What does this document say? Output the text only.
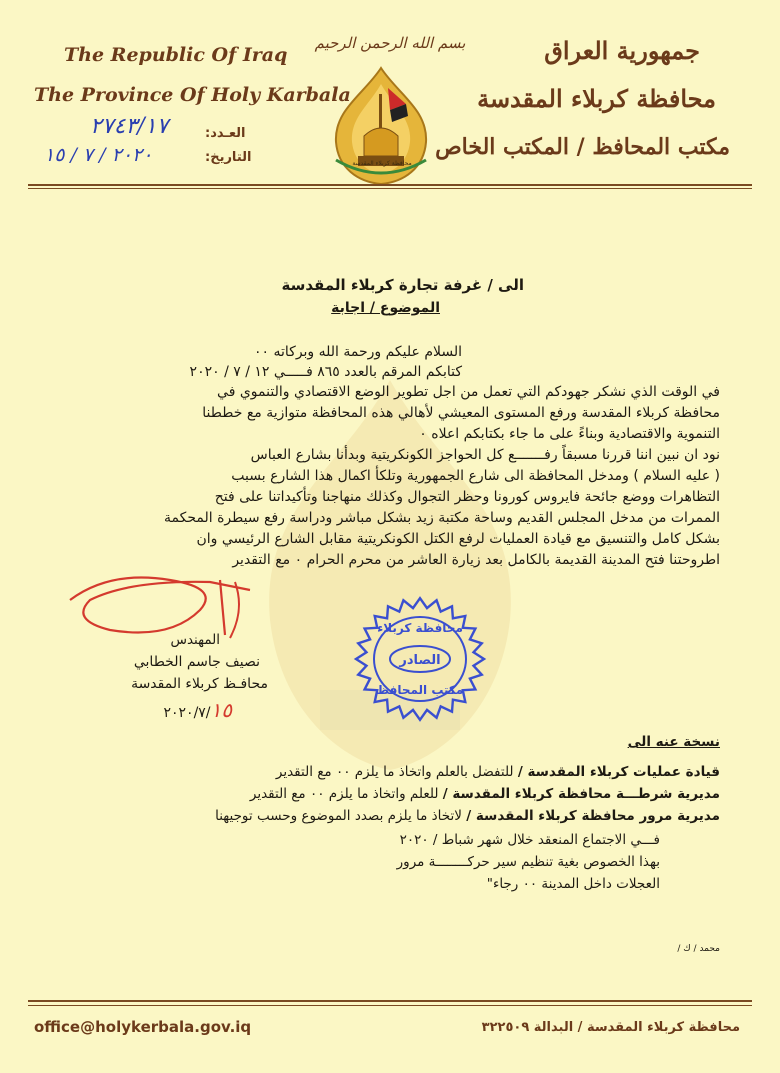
The Republic Of Iraq
The Province Of Holy Karbala
جمهورية العراق
محافظة كربلاء المقدسة
مكتب المحافظ / المكتب الخاص
بسم الله الرحمن الرحيم
محافظة كربلاء المقدسة
العـدد:
٢٧٤٣/١٧
التاريخ:
٢٠٢٠ / ٧ / ١٥
الى / غرفة تجارة كربلاء المقدسة
الموضوع / اجابة
السلام عليكم ورحمة الله وبركاته ٠٠
كتابكم المرقم بالعدد ٨٦٥ فـــــي ١٢ / ٧ / ٢٠٢٠
في الوقت الذي نشكر جهودكم التي تعمل من اجل تطوير الوضع الاقتصادي والتنموي في
محافظة كربلاء المقدسة ورفع المستوى المعيشي لأهالي هذه المحافظة متوازية مع خططنا
التنموية والاقتصادية وبناءً على ما جاء بكتابكم اعلاه ٠
نود ان نبين اننا قررنا مسبقاً رفـــــــع كل الحواجز الكونكريتية وبدأنا بشارع العباس
( عليه السلام ) ومدخل المحافظة الى شارع الجمهورية وتلكأ اكمال هذا الشارع بسبب
التظاهرات ووضع جائحة فايروس كورونا وحظر التجوال وكذلك منهاجنا وتأكيداتنا على فتح
الممرات من مدخل المجلس القديم وساحة مكتبة زيد بشكل مباشر ودراسة رفع سيطرة المحكمة
بشكل كامل والتنسيق مع قيادة العمليات لرفع الكتل الكونكريتية مقابل الشارع الرئيسي وان
اطروحتنا فتح المدينة القديمة بالكامل بعد زيارة العاشر من محرم الحرام ٠ مع التقدير
المهندس
نصيف جاسم الخطابي
محافـظ كربلاء المقدسة
٢٠٢٠/٧/١٥
محافظة كربلاء
الصادر
مكتب المحافظ
نسخة عنه الى
قيادة عمليات كربلاء المقدسة / للتفضل بالعلم واتخاذ ما يلزم ٠٠ مع التقدير
مديرية شرطـــة محافظة كربلاء المقدسة / للعلم واتخاذ ما يلزم ٠٠ مع التقدير
مديرية مرور محافظة كربلاء المقدسة / لاتخاذ ما يلزم بصدد الموضوع وحسب توجيهنا
فـــي الاجتماع المنعقد خلال شهر شباط / ٢٠٢٠
بهذا الخصوص بغية تنظيم سير حركــــــــة مرور
العجلات داخل المدينة ٠٠ رجاء"
محمد / ك /
office@holykerbala.gov.iq	محافظة كربلاء المقدسة / البدالة ٣٢٢٥٠٩
